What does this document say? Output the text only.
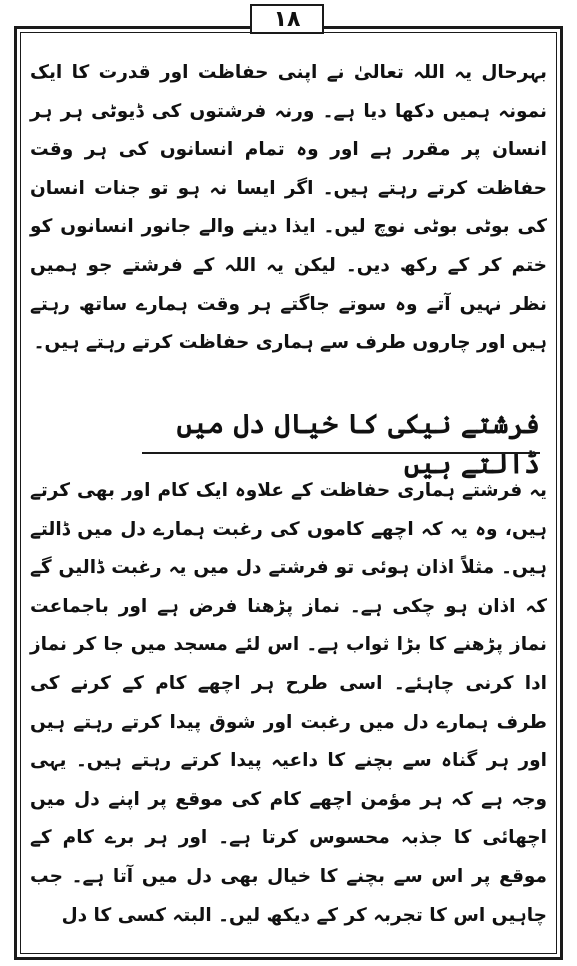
١٨
بہرحال یہ اللہ تعالیٰ نے اپنی حفاظت اور قدرت کا ایک نمونہ ہمیں دکھا دیا ہے۔ ورنہ فرشتوں کی ڈیوٹی ہر ہر انسان پر مقرر ہے اور وہ تمام انسانوں کی ہر وقت حفاظت کرتے رہتے ہیں۔ اگر ایسا نہ ہو تو جنات انسان کی بوٹی بوٹی نوچ لیں۔ ایذا دینے والے جانور انسانوں کو ختم کر کے رکھ دیں۔ لیکن یہ اللہ کے فرشتے جو ہمیں نظر نہیں آتے وہ سوتے جاگتے ہر وقت ہمارے ساتھ رہتے ہیں اور چاروں طرف سے ہماری حفاظت کرتے رہتے ہیں۔
فرشتے نیکی کا خیال دل میں ڈالتے ہیں
یہ فرشتے ہماری حفاظت کے علاوہ ایک کام اور بھی کرتے ہیں، وہ یہ کہ اچھے کاموں کی رغبت ہمارے دل میں ڈالتے ہیں۔ مثلاً اذان ہوئی تو فرشتے دل میں یہ رغبت ڈالیں گے کہ اذان ہو چکی ہے۔ نماز پڑھنا فرض ہے اور باجماعت نماز پڑھنے کا بڑا ثواب ہے۔ اس لئے مسجد میں جا کر نماز ادا کرنی چاہئے۔ اسی طرح ہر اچھے کام کے کرنے کی طرف ہمارے دل میں رغبت اور شوق پیدا کرتے رہتے ہیں اور ہر گناہ سے بچنے کا داعیہ پیدا کرتے رہتے ہیں۔ یہی وجہ ہے کہ ہر مؤمن اچھے کام کی موقع پر اپنے دل میں اچھائی کا جذبہ محسوس کرتا ہے۔ اور ہر برے کام کے موقع پر اس سے بچنے کا خیال بھی دل میں آتا ہے۔ جب چاہیں اس کا تجربہ کر کے دیکھ لیں۔ البتہ کسی کا دل
